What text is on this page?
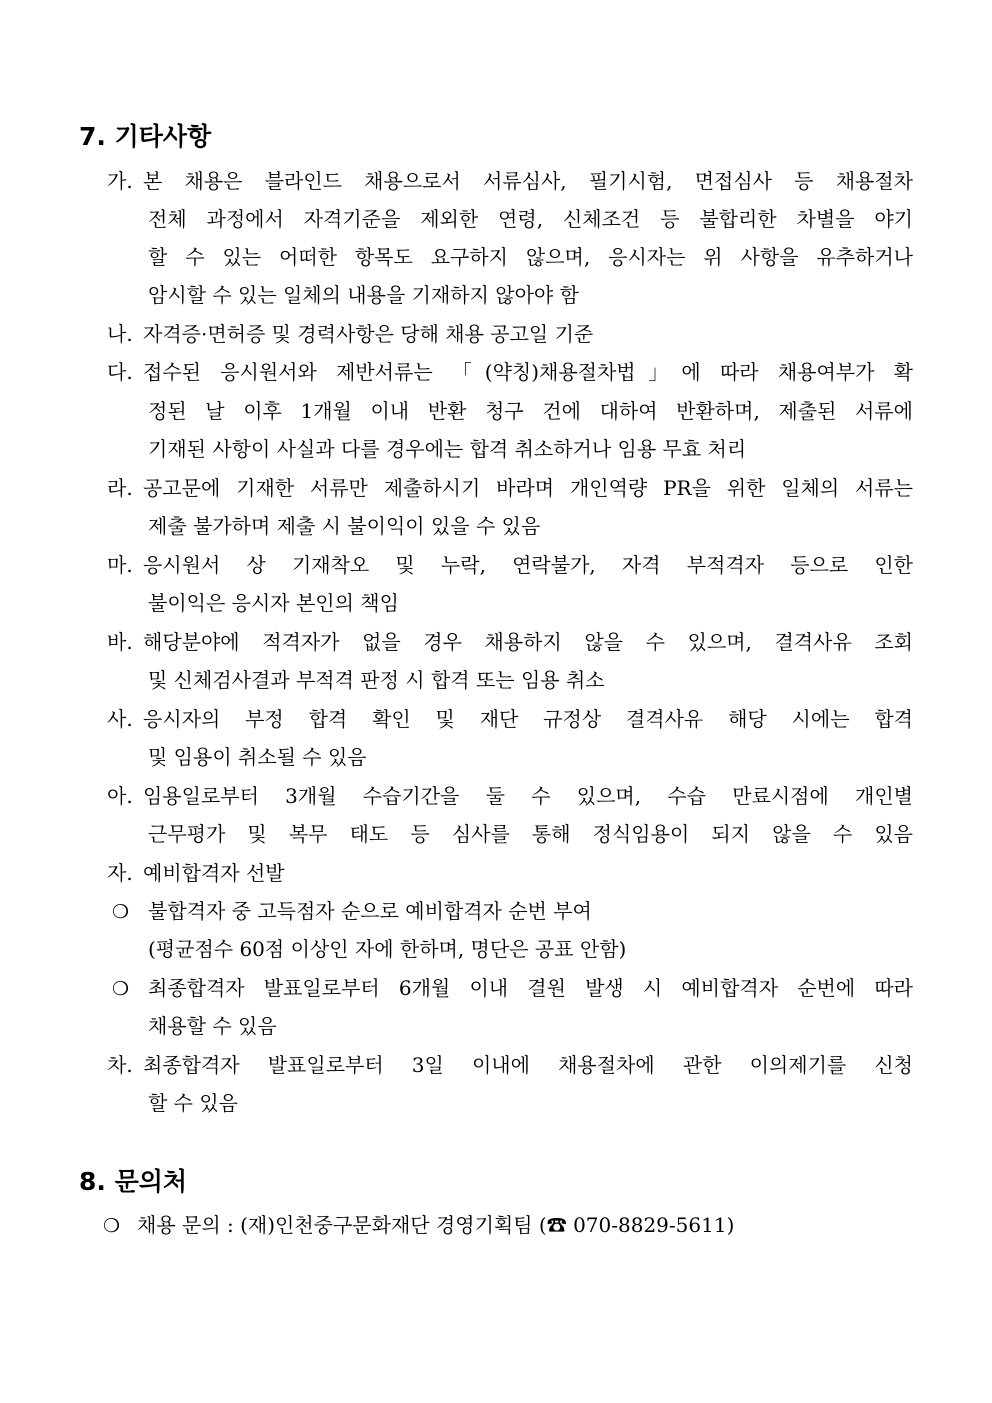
7. 기타사항
가. 본 채용은 블라인드 채용으로서 서류심사, 필기시험, 면접심사 등 채용절차
전체 과정에서 자격기준을 제외한 연령, 신체조건 등 불합리한 차별을 야기
할 수 있는 어떠한 항목도 요구하지 않으며, 응시자는 위 사항을 유추하거나
암시할 수 있는 일체의 내용을 기재하지 않아야 함
나. 자격증·면허증 및 경력사항은 당해 채용 공고일 기준
다. 접수된 응시원서와 제반서류는 「(약칭)채용절차법」에 따라 채용여부가 확
정된 날 이후 1개월 이내 반환 청구 건에 대하여 반환하며, 제출된 서류에
기재된 사항이 사실과 다를 경우에는 합격 취소하거나 임용 무효 처리
라. 공고문에 기재한 서류만 제출하시기 바라며 개인역량 PR을 위한 일체의 서류는
제출 불가하며 제출 시 불이익이 있을 수 있음
마. 응시원서 상 기재착오 및 누락, 연락불가, 자격 부적격자 등으로 인한
불이익은 응시자 본인의 책임
바. 해당분야에 적격자가 없을 경우 채용하지 않을 수 있으며, 결격사유 조회
및 신체검사결과 부적격 판정 시 합격 또는 임용 취소
사. 응시자의 부정 합격 확인 및 재단 규정상 결격사유 해당 시에는 합격
및 임용이 취소될 수 있음
아. 임용일로부터 3개월 수습기간을 둘 수 있으며, 수습 만료시점에 개인별
근무평가 및 복무 태도 등 심사를 통해 정식임용이 되지 않을 수 있음
자. 예비합격자 선발
❍ 불합격자 중 고득점자 순으로 예비합격자 순번 부여
(평균점수 60점 이상인 자에 한하며, 명단은 공표 안함)
❍ 최종합격자 발표일로부터 6개월 이내 결원 발생 시 예비합격자 순번에 따라
채용할 수 있음
차. 최종합격자 발표일로부터 3일 이내에 채용절차에 관한 이의제기를 신청
할 수 있음
8. 문의처
❍ 채용 문의 : (재)인천중구문화재단 경영기획팀 (☎ 070-8829-5611)
